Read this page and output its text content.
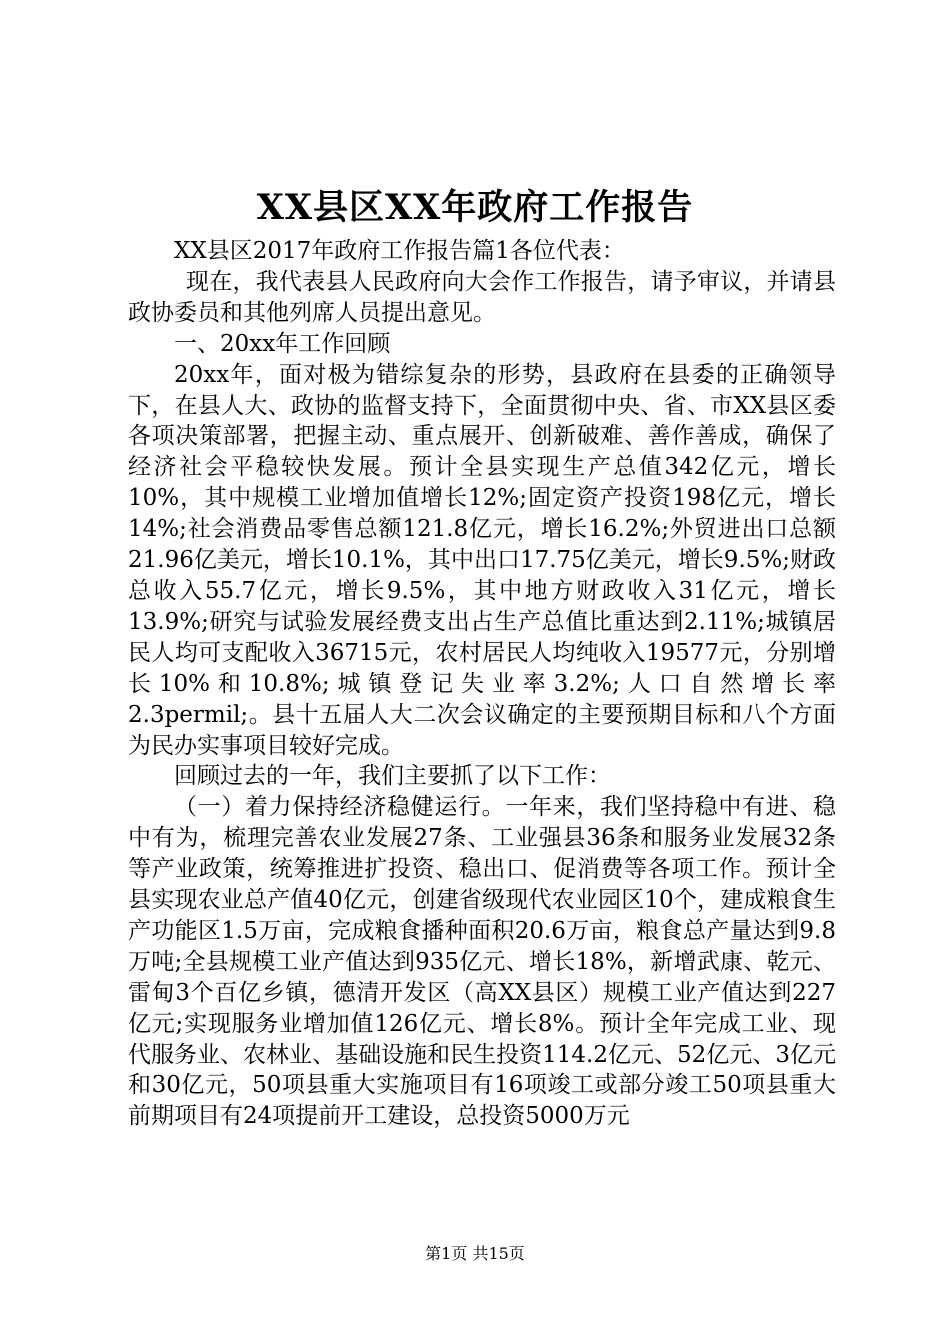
XX县区XX年政府工作报告

XX县区2017年政府工作报告篇1各位代表：

现在，我代表县人民政府向大会作工作报告，请予审议，并请县政协委员和其他列席人员提出意见。

一、20xx年工作回顾

20xx年，面对极为错综复杂的形势，县政府在县委的正确领导下，在县人大、政协的监督支持下，全面贯彻中央、省、市XX县区委各项决策部署，把握主动、重点展开、创新破难、善作善成，确保了经济社会平稳较快发展。预计全县实现生产总值342亿元，增长10%，其中规模工业增加值增长12%;固定资产投资198亿元，增长14%;社会消费品零售总额121.8亿元，增长16.2%;外贸进出口总额21.96亿美元，增长10.1%，其中出口17.75亿美元，增长9.5%;财政总收入55.7亿元，增长9.5%，其中地方财政收入31亿元，增长13.9%;研究与试验发展经费支出占生产总值比重达到2.11%;城镇居民人均可支配收入36715元，农村居民人均纯收入19577元，分别增长10%和10.8%;城镇登记失业率3.2%;人口自然增长率2.3permil;。县十五届人大二次会议确定的主要预期目标和八个方面为民办实事项目较好完成。

回顾过去的一年，我们主要抓了以下工作：

（一）着力保持经济稳健运行。一年来，我们坚持稳中有进、稳中有为，梳理完善农业发展27条、工业强县36条和服务业发展32条等产业政策，统筹推进扩投资、稳出口、促消费等各项工作。预计全县实现农业总产值40亿元，创建省级现代农业园区10个，建成粮食生产功能区1.5万亩，完成粮食播种面积20.6万亩，粮食总产量达到9.8万吨;全县规模工业产值达到935亿元、增长18%，新增武康、乾元、雷甸3个百亿乡镇，德清开发区（高XX县区）规模工业产值达到227亿元;实现服务业增加值126亿元、增长8%。预计全年完成工业、现代服务业、农林业、基础设施和民生投资114.2亿元、52亿元、3亿元和30亿元，50项县重大实施项目有16项竣工或部分竣工50项县重大前期项目有24项提前开工建设，总投资5000万元

第1页 共15页
